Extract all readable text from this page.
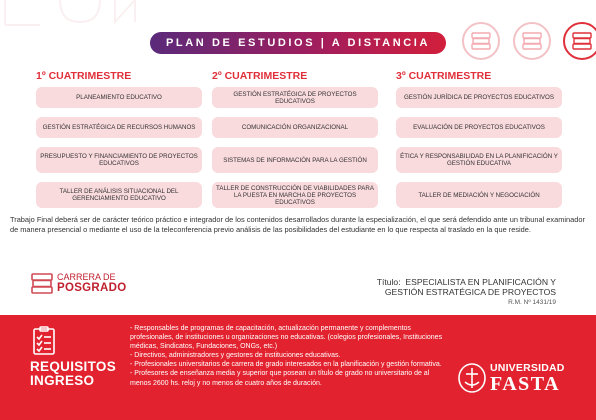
PLAN DE ESTUDIOS | A DISTANCIA
1º CUATRIMESTRE
PLANEAMIENTO EDUCATIVO
GESTIÓN ESTRATÉGICA DE RECURSOS HUMANOS
PRESUPUESTO Y FINANCIAMIENTO DE PROYECTOS EDUCATIVOS
TALLER DE ANÁLISIS SITUACIONAL DEL GERENCIAMIENTO EDUCATIVO
2º CUATRIMESTRE
GESTIÓN ESTRATÉGICA DE PROYECTOS EDUCATIVOS
COMUNICACIÓN ORGANIZACIONAL
SISTEMAS DE INFORMACIÓN PARA LA GESTIÓN
TALLER DE CONSTRUCCIÓN DE VIABILIDADES PARA LA PUESTA EN MARCHA DE PROYECTOS EDUCATIVOS
3º CUATRIMESTRE
GESTIÓN JURÍDICA DE PROYECTOS EDUCATIVOS
EVALUACIÓN DE PROYECTOS EDUCATIVOS
ÉTICA Y RESPONSABILIDAD EN LA PLANIFICACIÓN Y GESTIÓN EDUCATIVA
TALLER DE MEDIACIÓN Y NEGOCIACIÓN

Trabajo Final deberá ser de carácter teórico práctico e integrador de los contenidos desarrollados durante la especialización, el que será defendido ante un tribunal examinador de manera presencial o mediante el uso de la teleconferencia previo análisis de las posibilidades del estudiante en lo que respecta al traslado en la que reside.

CARRERA DE
POSGRADO	Título: ESPECIALISTA EN PLANIFICACIÓN Y
GESTIÓN ESTRATÉGICA DE PROYECTOS
R.M. Nº 1431/19
REQUISITOS
INGRESO

- Responsables de programas de capacitación, actualización permanente y complementos profesionales, de instituciones u organizaciones no educativas. (colegios profesionales, Instituciones médicas, Sindicatos, Fundaciones, ONGs, etc.)

- Directivos, administradores y gestores de instituciones educativas.

- Profesionales universitarios de carrera de grado interesados en la planificación y gestión formativa.

- Profesores de enseñanza media y superior que posean un título de grado no universitario de al menos 2600 hs. reloj y no menos de cuatro años de duración.

UNIVERSIDAD
FASTA
